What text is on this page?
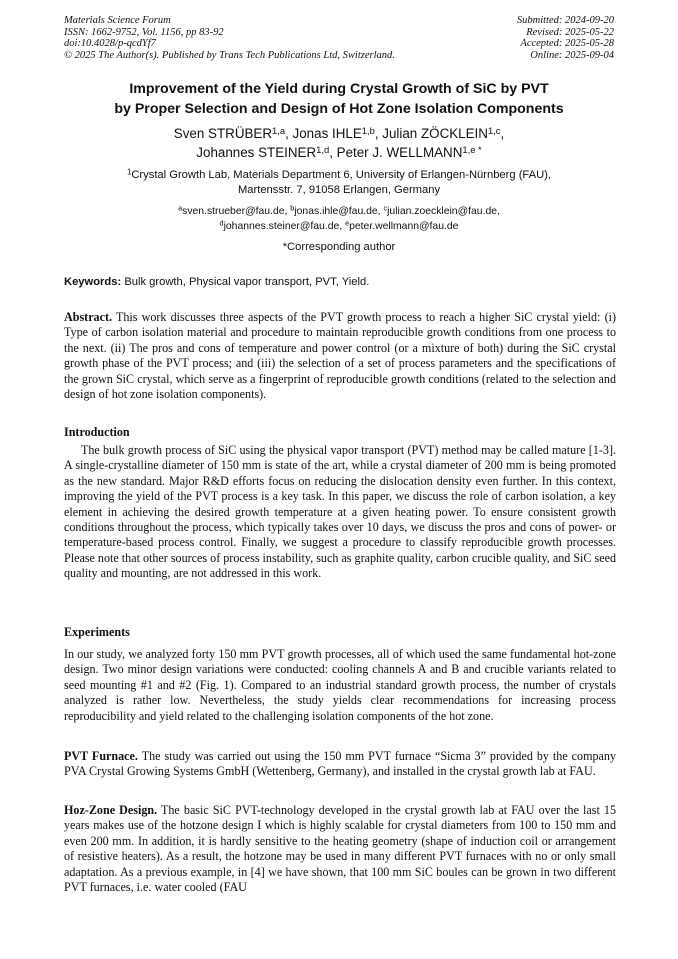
Materials Science Forum
ISSN: 1662-9752, Vol. 1156, pp 83-92
doi:10.4028/p-qcdYf7
© 2025 The Author(s). Published by Trans Tech Publications Ltd, Switzerland.
Submitted: 2024-09-20
Revised: 2025-05-22
Accepted: 2025-05-28
Online: 2025-09-04
Improvement of the Yield during Crystal Growth of SiC by PVT
by Proper Selection and Design of Hot Zone Isolation Components
Sven STRÜBER$^{1,a}$, Jonas IHLE$^{1,b}$, Julian ZÖCKLEIN$^{1,c}$,
Johannes STEINER$^{1,d}$, Peter J. $WELLMANN^{1,e *}$
$^1$Crystal Growth Lab, Materials Department 6, University of Erlangen-Nürnberg (FAU),
Martensstr. 7, 91058 Erlangen, Germany
$^a$sven.strueber@fau.de, $^b$jonas.ihle@fau.de, $^c$julian.zoecklein@fau.de,
$^d$johannes.steiner@fau.de, $^e$peter.wellmann@fau.de
*Corresponding author
Keywords: Bulk growth, Physical vapor transport, PVT, Yield.
Abstract. This work discusses three aspects of the PVT growth process to reach a higher SiC crystal yield: (i) Type of carbon isolation material and procedure to maintain reproducible growth conditions from one process to the next. (ii) The pros and cons of temperature and power control (or a mixture of both) during the SiC crystal growth phase of the PVT process; and (iii) the selection of a set of process parameters and the specifications of the grown SiC crystal, which serve as a fingerprint of reproducible growth conditions (related to the selection and design of hot zone isolation components).
Introduction
The bulk growth process of SiC using the physical vapor transport (PVT) method may be called mature [1-3]. A single-crystalline diameter of 150 mm is state of the art, while a crystal diameter of 200 mm is being promoted as the new standard. Major R&D efforts focus on reducing the dislocation density even further. In this context, improving the yield of the PVT process is a key task. In this paper, we discuss the role of carbon isolation, a key element in achieving the desired growth temperature at a given heating power. To ensure consistent growth conditions throughout the process, which typically takes over 10 days, we discuss the pros and cons of power- or temperature-based process control. Finally, we suggest a procedure to classify reproducible growth processes. Please note that other sources of process instability, such as graphite quality, carbon crucible quality, and SiC seed quality and mounting, are not addressed in this work.
Experiments
In our study, we analyzed forty 150 mm PVT growth processes, all of which used the same fundamental hot-zone design. Two minor design variations were conducted: cooling channels A and B and crucible variants related to seed mounting #1 and #2 (Fig. 1). Compared to an industrial standard growth process, the number of crystals analyzed is rather low. Nevertheless, the study yields clear recommendations for increasing process reproducibility and yield related to the challenging isolation components of the hot zone.
PVT Furnace. The study was carried out using the 150 mm PVT furnace “Sicma 3” provided by the company PVA Crystal Growing Systems GmbH (Wettenberg, Germany), and installed in the crystal growth lab at FAU.
Hoz-Zone Design. The basic SiC PVT-technology developed in the crystal growth lab at FAU over the last 15 years makes use of the hotzone design I which is highly scalable for crystal diameters from 100 to 150 mm and even 200 mm. In addition, it is hardly sensitive to the heating geometry (shape of induction coil or arrangement of resistive heaters). As a result, the hotzone may be used in many different PVT furnaces with no or only small adaptation. As a previous example, in [4] we have shown, that 100 mm SiC boules can be grown in two different PVT furnaces, i.e. water cooled (FAU
